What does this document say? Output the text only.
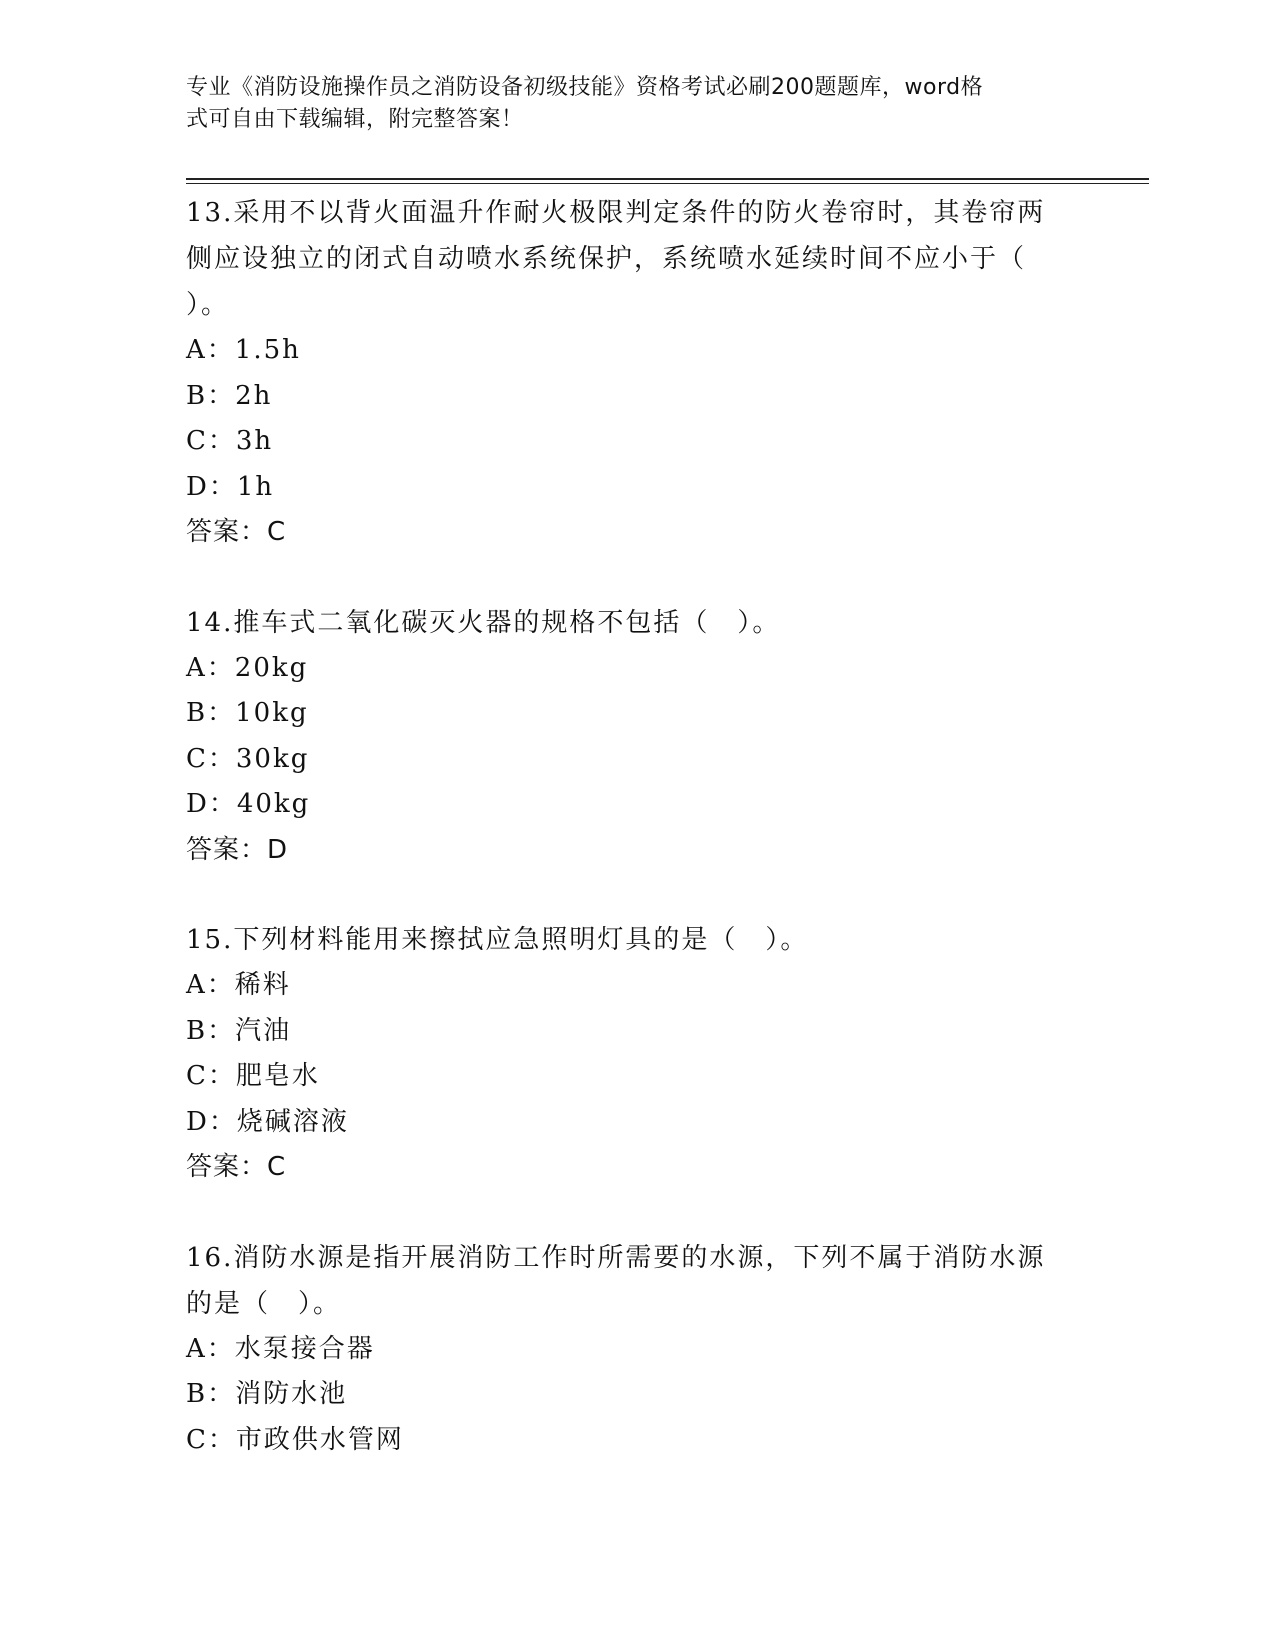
专业《消防设施操作员之消防设备初级技能》资格考试必刷200题题库，word格
式可自由下载编辑，附完整答案！
13.采用不以背火面温升作耐火极限判定条件的防火卷帘时，其卷帘两
侧应设独立的闭式自动喷水系统保护，系统喷水延续时间不应小于（
）。
A：1.5h
B：2h
C：3h
D：1h
答案：C
14.推车式二氧化碳灭火器的规格不包括（　）。
A：20kg
B：10kg
C：30kg
D：40kg
答案：D
15.下列材料能用来擦拭应急照明灯具的是（　）。
A：稀料
B：汽油
C：肥皂水
D：烧碱溶液
答案：C
16.消防水源是指开展消防工作时所需要的水源，下列不属于消防水源
的是（　）。
A：水泵接合器
B：消防水池
C：市政供水管网
